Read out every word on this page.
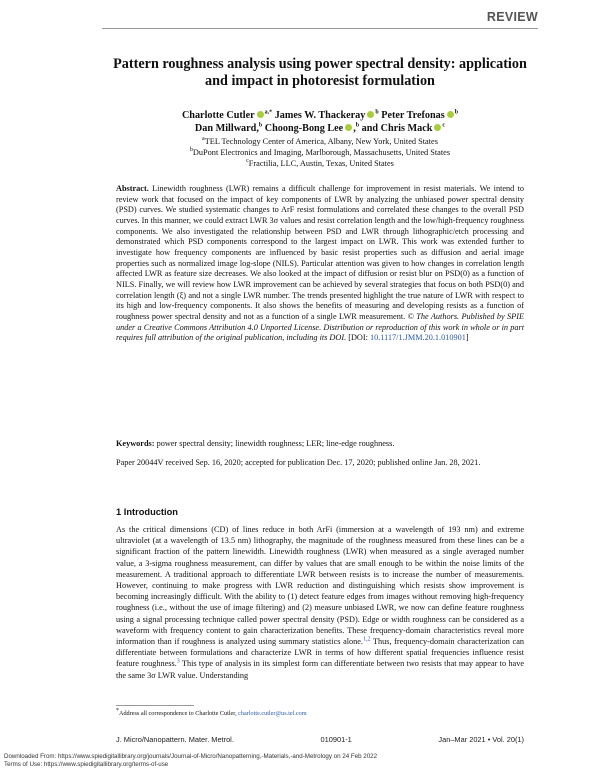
REVIEW
Pattern roughness analysis using power spectral density: application and impact in photoresist formulation
Charlotte Cutler $^{a,*}$ James W. Thackeray $^b$ Peter Trefonas $^b$
Dan Millward,$^b$ Choong-Bong Lee ,$^b$ and Chris Mack $^c$
$^a$TEL Technology Center of America, Albany, New York, United States
$^b$DuPont Electronics and Imaging, Marlborough, Massachusetts, United States
$^c$Fractilia, LLC, Austin, Texas, United States
Abstract. Linewidth roughness (LWR) remains a difficult challenge for improvement in resist materials. We intend to review work that focused on the impact of key components of LWR by analyzing the unbiased power spectral density (PSD) curves. We studied systematic changes to ArF resist formulations and correlated these changes to the overall PSD curves. In this manner, we could extract LWR 3σ values and resist correlation length and the low/high-frequency roughness components. We also investigated the relationship between PSD and LWR through lithographic/etch processing and demonstrated which PSD components correspond to the largest impact on LWR. This work was extended further to investigate how frequency components are influenced by basic resist properties such as diffusion and aerial image properties such as normalized image log-slope (NILS). Particular attention was given to how changes in correlation length affected LWR as feature size decreases. We also looked at the impact of diffusion or resist blur on PSD(0) as a function of NILS. Finally, we will review how LWR improvement can be achieved by several strategies that focus on both PSD(0) and correlation length (ξ) and not a single LWR number. The trends presented highlight the true nature of LWR with respect to its high and low-frequency components. It also shows the benefits of measuring and developing resists as a function of roughness power spectral density and not as a function of a single LWR measurement. © The Authors. Published by SPIE under a Creative Commons Attribution 4.0 Unported License. Distribution or reproduction of this work in whole or in part requires full attribution of the original publication, including its DOI. [DOI: 10.1117/1.JMM.20.1.010901]
Keywords: power spectral density; linewidth roughness; LER; line-edge roughness.
Paper 20044V received Sep. 16, 2020; accepted for publication Dec. 17, 2020; published online Jan. 28, 2021.
1 Introduction
As the critical dimensions (CD) of lines reduce in both ArFi (immersion at a wavelength of 193 nm) and extreme ultraviolet (at a wavelength of 13.5 nm) lithography, the magnitude of the roughness measured from these lines can be a significant fraction of the pattern linewidth. Linewidth roughness (LWR) when measured as a single averaged number value, a 3-sigma roughness measurement, can differ by values that are small enough to be within the noise limits of the measurement. A traditional approach to differentiate LWR between resists is to increase the number of measurements. However, continuing to make progress with LWR reduction and distinguishing which resists show improvement is becoming increasingly difficult. With the ability to (1) detect feature edges from images without removing high-frequency roughness (i.e., without the use of image filtering) and (2) measure unbiased LWR, we now can define feature roughness using a signal processing technique called power spectral density (PSD). Edge or width roughness can be considered as a waveform with frequency content to gain characterization benefits. These frequency-domain characteristics reveal more information than if roughness is analyzed using summary statistics alone.$^{1,2}$ Thus, frequency-domain characterization can differentiate between formulations and characterize LWR in terms of how different spatial frequencies influence resist feature roughness.$^3$ This type of analysis in its simplest form can differentiate between two resists that may appear to have the same 3σ LWR value. Understanding
*Address all correspondence to Charlotte Cutler, charlotte.cutler@us.tel.com
J. Micro/Nanopattern. Mater. Metrol.	010901-1	Jan–Mar 2021 • Vol. 20(1)
Downloaded From: https://www.spiedigitallibrary.org/journals/Journal-of-Micro/Nanopatterning,-Materials,-and-Metrology on 24 Feb 2022
Terms of Use: https://www.spiedigitallibrary.org/terms-of-use
